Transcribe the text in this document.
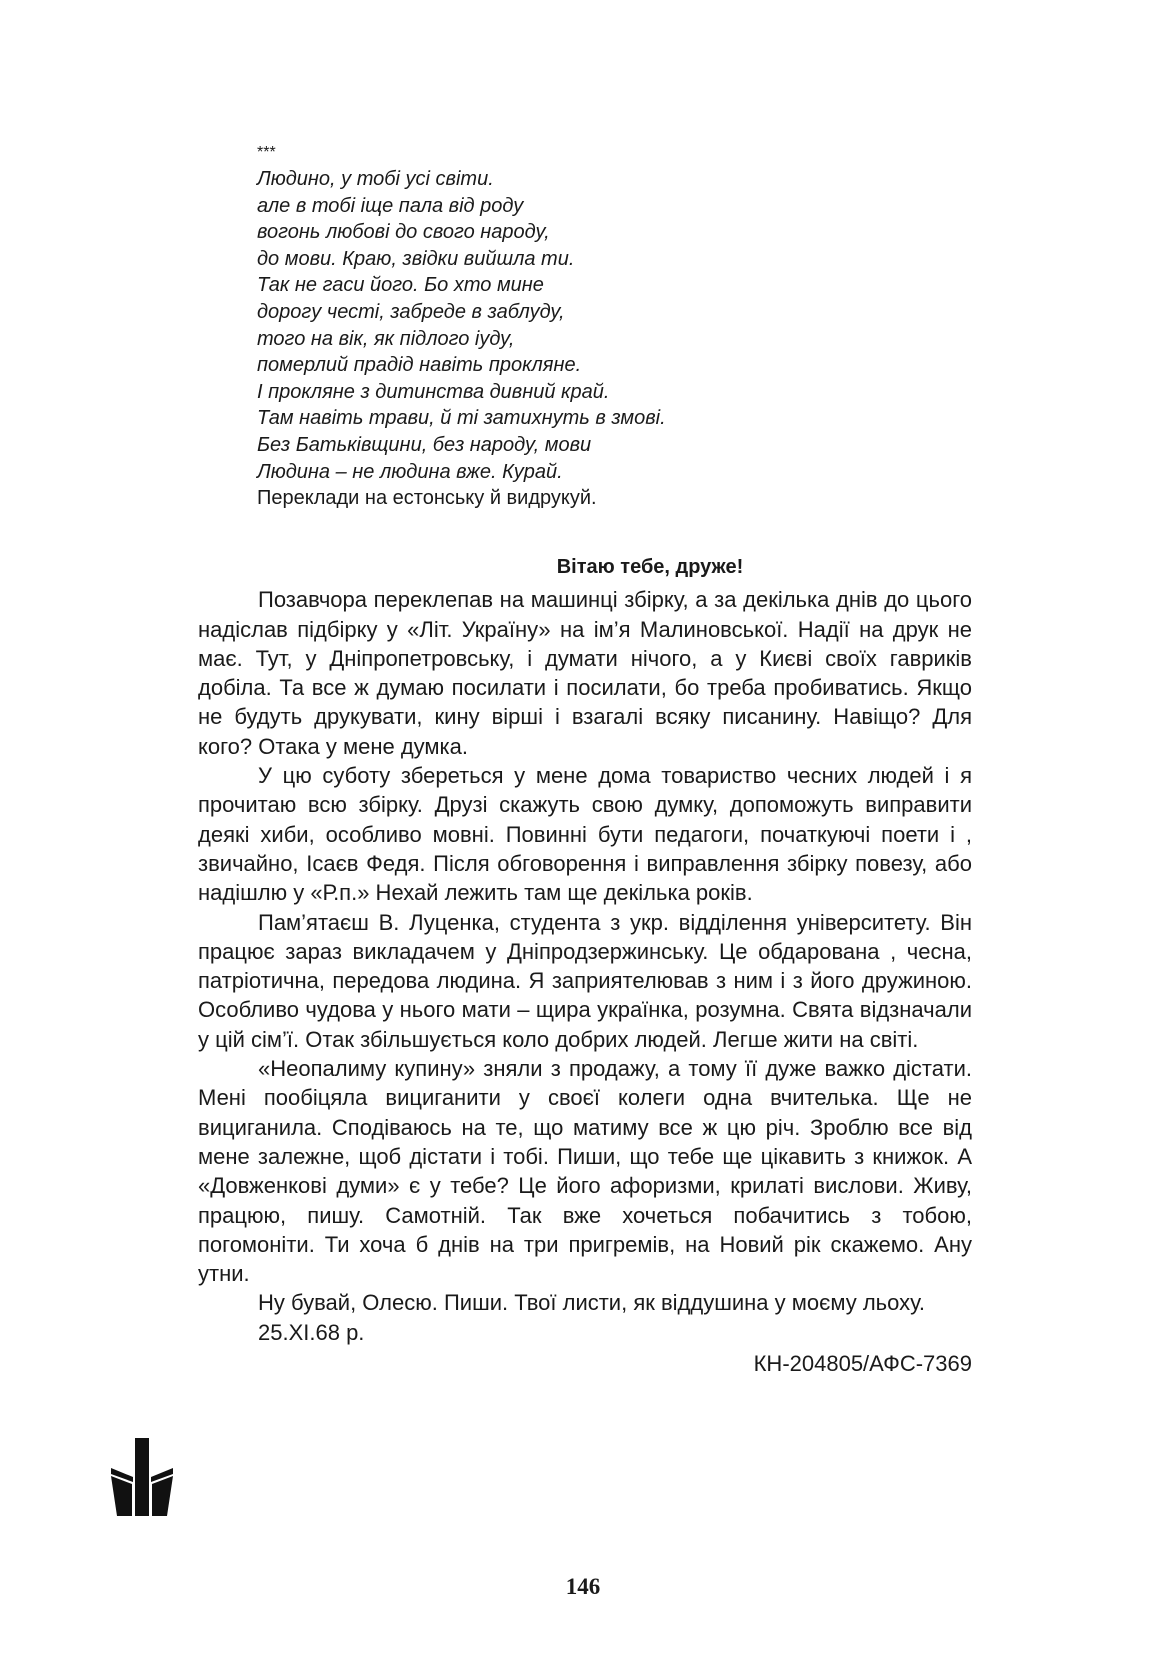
***
Людино, у тобі усі світи.
але в тобі іще пала від роду
вогонь любові до свого народу,
до мови. Краю, звідки вийшла ти.
Так не гаси його. Бо хто мине
дорогу честі, забреде в заблуду,
того на вік, як підлого іуду,
померлий прадід навіть прокляне.
І прокляне з дитинства дивний край.
Там навіть трави, й ті затихнуть в змові.
Без Батьківщини, без народу, мови
Людина – не людина вже. Курай.
Переклади на естонську й видрукуй.
Вітаю тебе, друже!

Позавчора переклепав на машинці збірку, а за декілька днів до цього надіслав підбірку у «Літ. Україну» на ім’я Малиновської. Надії на друк не має. Тут, у Дніпропетровську, і думати нічого, а у Києві своїх гавриків добіла. Та все ж думаю посилати і посилати, бо треба пробиватись. Якщо не будуть друкувати, кину вірші і взагалі всяку писанину. Навіщо? Для кого? Отака у мене думка.

У цю суботу збереться у мене дома товариство чесних людей і я прочитаю всю збірку. Друзі скажуть свою думку, допоможуть виправити деякі хиби, особливо мовні. Повинні бути педагоги, початкуючі поети і , звичайно, Ісаєв Федя. Після обговорення і виправлення збірку повезу, або надішлю у «Р.п.» Нехай лежить там ще декілька років.

Пам’ятаєш В. Луценка, студента з укр. відділення університету. Він працює зараз викладачем у Дніпродзержинську. Це обдарована , чесна, патріотична, передова людина. Я заприятелював з ним і з його дружиною. Особливо чудова у нього мати – щира українка, розумна. Свята відзначали у цій сім’ї. Отак збільшується коло добрих людей. Легше жити на світі.

«Неопалиму купину» зняли з продажу, а тому її дуже важко дістати. Мені пообіцяла вициганити у своєї колеги одна вчителька. Ще не вициганила. Сподіваюсь на те, що матиму все ж цю річ. Зроблю все від мене залежне, щоб дістати і тобі. Пиши, що тебе ще цікавить з книжок. А «Довженкові думи» є у тебе? Це його афоризми, крилаті вислови. Живу, працюю, пишу. Самотній. Так вже хочеться побачитись з тобою, погомоніти. Ти хоча б днів на три пригремів, на Новий рік скажемо. Ану утни.

Ну бувай, Олесю. Пиши. Твої листи, як віддушина у моєму льоху.

25.ХІ.68 р.

КН-204805/АФС-7369

146
